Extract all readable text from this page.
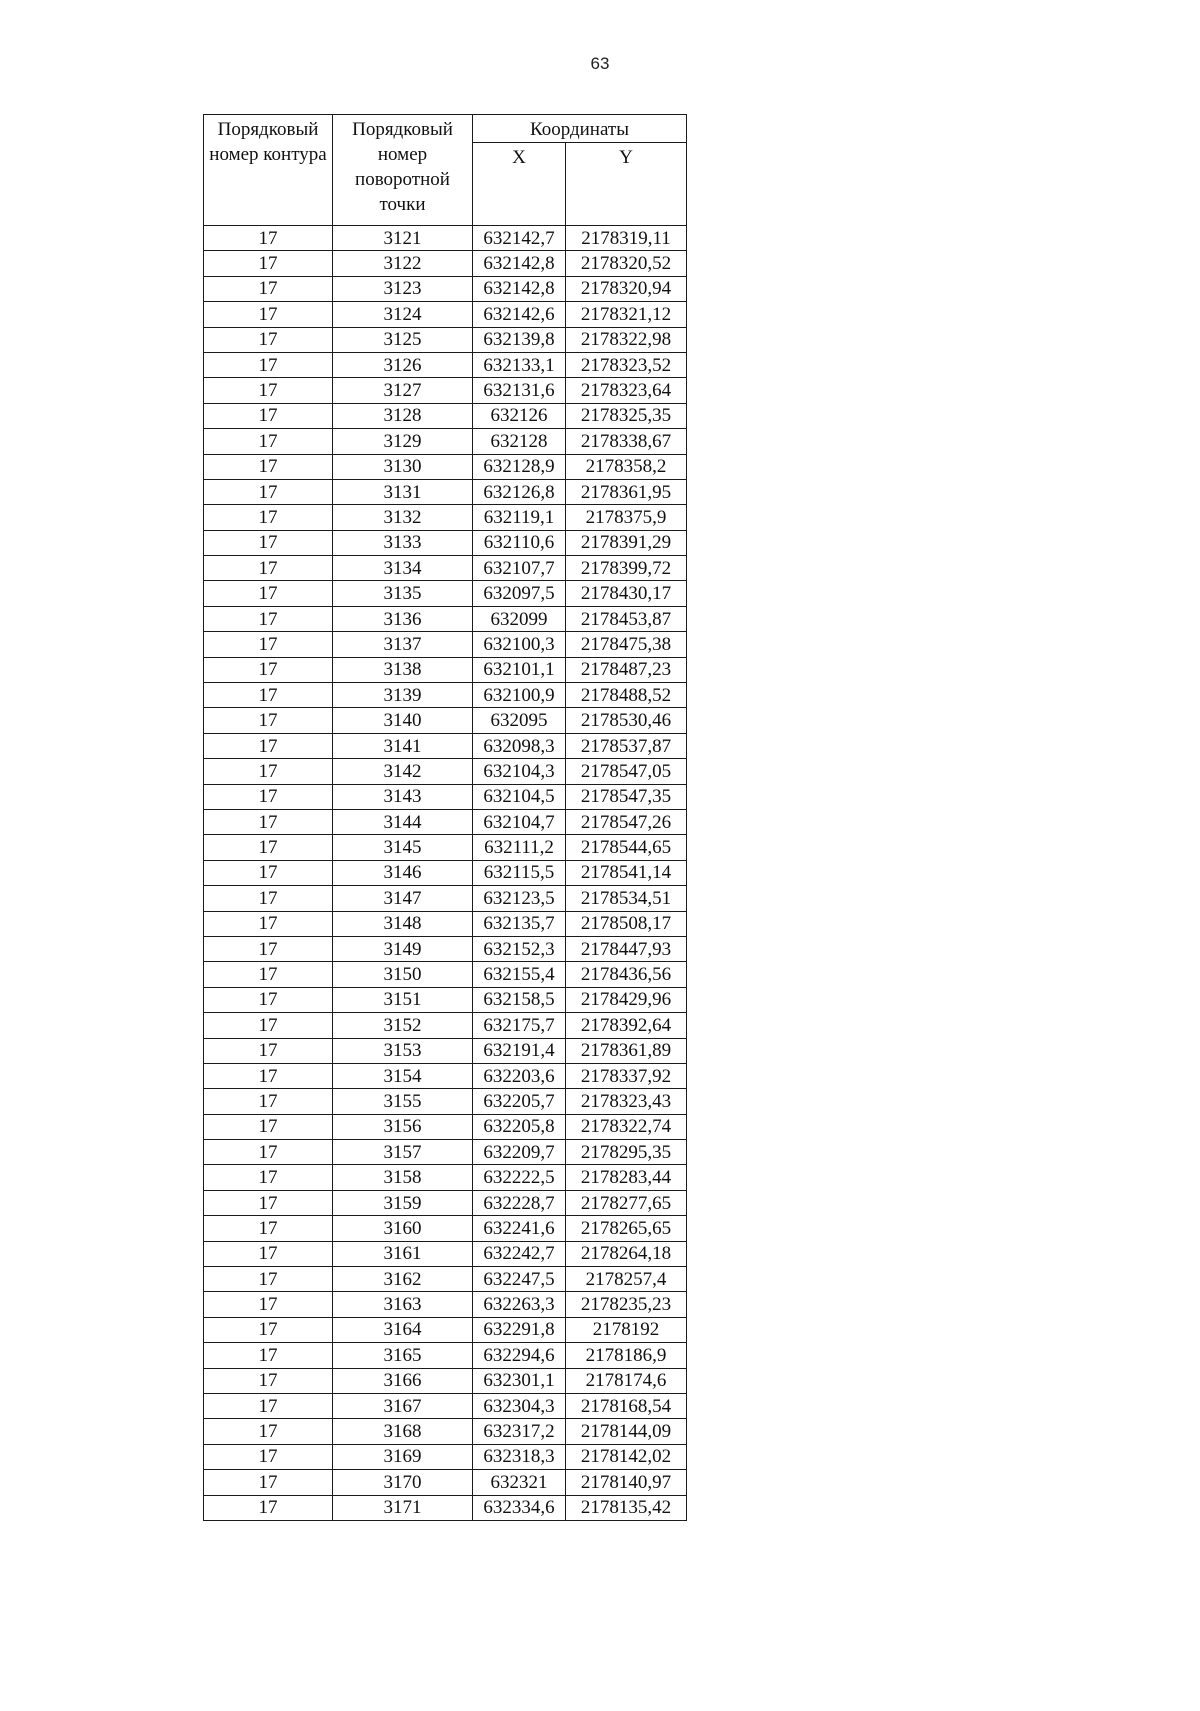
63
Порядковый номер контура	Порядковый номер поворотной точки	Координаты	
		X	Y
17	3121	632142,7	2178319,11
17	3122	632142,8	2178320,52
17	3123	632142,8	2178320,94
17	3124	632142,6	2178321,12
17	3125	632139,8	2178322,98
17	3126	632133,1	2178323,52
17	3127	632131,6	2178323,64
17	3128	632126	2178325,35
17	3129	632128	2178338,67
17	3130	632128,9	2178358,2
17	3131	632126,8	2178361,95
17	3132	632119,1	2178375,9
17	3133	632110,6	2178391,29
17	3134	632107,7	2178399,72
17	3135	632097,5	2178430,17
17	3136	632099	2178453,87
17	3137	632100,3	2178475,38
17	3138	632101,1	2178487,23
17	3139	632100,9	2178488,52
17	3140	632095	2178530,46
17	3141	632098,3	2178537,87
17	3142	632104,3	2178547,05
17	3143	632104,5	2178547,35
17	3144	632104,7	2178547,26
17	3145	632111,2	2178544,65
17	3146	632115,5	2178541,14
17	3147	632123,5	2178534,51
17	3148	632135,7	2178508,17
17	3149	632152,3	2178447,93
17	3150	632155,4	2178436,56
17	3151	632158,5	2178429,96
17	3152	632175,7	2178392,64
17	3153	632191,4	2178361,89
17	3154	632203,6	2178337,92
17	3155	632205,7	2178323,43
17	3156	632205,8	2178322,74
17	3157	632209,7	2178295,35
17	3158	632222,5	2178283,44
17	3159	632228,7	2178277,65
17	3160	632241,6	2178265,65
17	3161	632242,7	2178264,18
17	3162	632247,5	2178257,4
17	3163	632263,3	2178235,23
17	3164	632291,8	2178192
17	3165	632294,6	2178186,9
17	3166	632301,1	2178174,6
17	3167	632304,3	2178168,54
17	3168	632317,2	2178144,09
17	3169	632318,3	2178142,02
17	3170	632321	2178140,97
17	3171	632334,6	2178135,42
